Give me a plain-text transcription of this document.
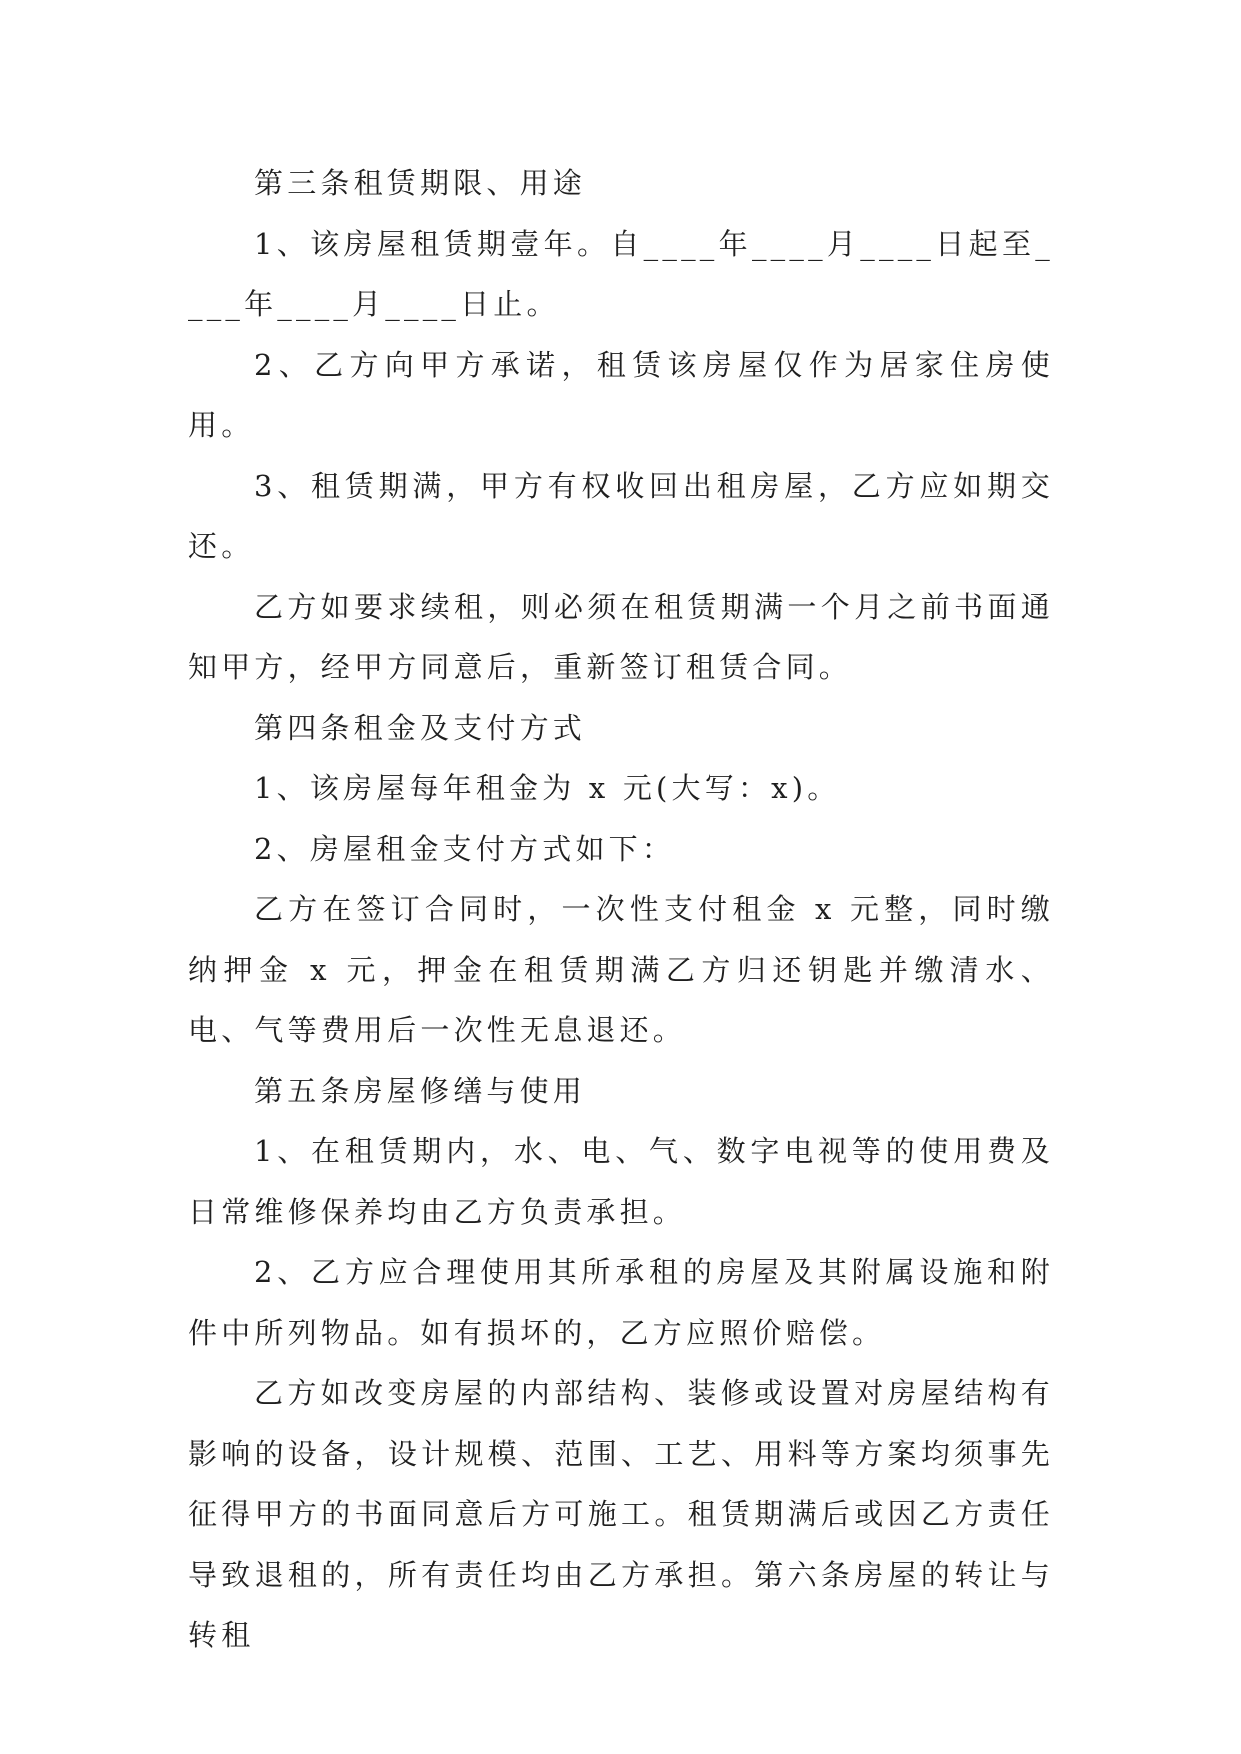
第三条租赁期限、用途

1、该房屋租赁期壹年。自____年____月____日起至____年____月____日止。

2、乙方向甲方承诺，租赁该房屋仅作为居家住房使用。

3、租赁期满，甲方有权收回出租房屋，乙方应如期交还。

乙方如要求续租，则必须在租赁期满一个月之前书面通知甲方，经甲方同意后，重新签订租赁合同。

第四条租金及支付方式

1、该房屋每年租金为 x 元(大写：x)。

2、房屋租金支付方式如下：

乙方在签订合同时，一次性支付租金 x 元整，同时缴纳押金 x 元，押金在租赁期满乙方归还钥匙并缴清水、电、气等费用后一次性无息退还。

第五条房屋修缮与使用

1、在租赁期内，水、电、气、数字电视等的使用费及日常维修保养均由乙方负责承担。

2、乙方应合理使用其所承租的房屋及其附属设施和附件中所列物品。如有损坏的，乙方应照价赔偿。

乙方如改变房屋的内部结构、装修或设置对房屋结构有影响的设备，设计规模、范围、工艺、用料等方案均须事先征得甲方的书面同意后方可施工。租赁期满后或因乙方责任导致退租的，所有责任均由乙方承担。第六条房屋的转让与转租
